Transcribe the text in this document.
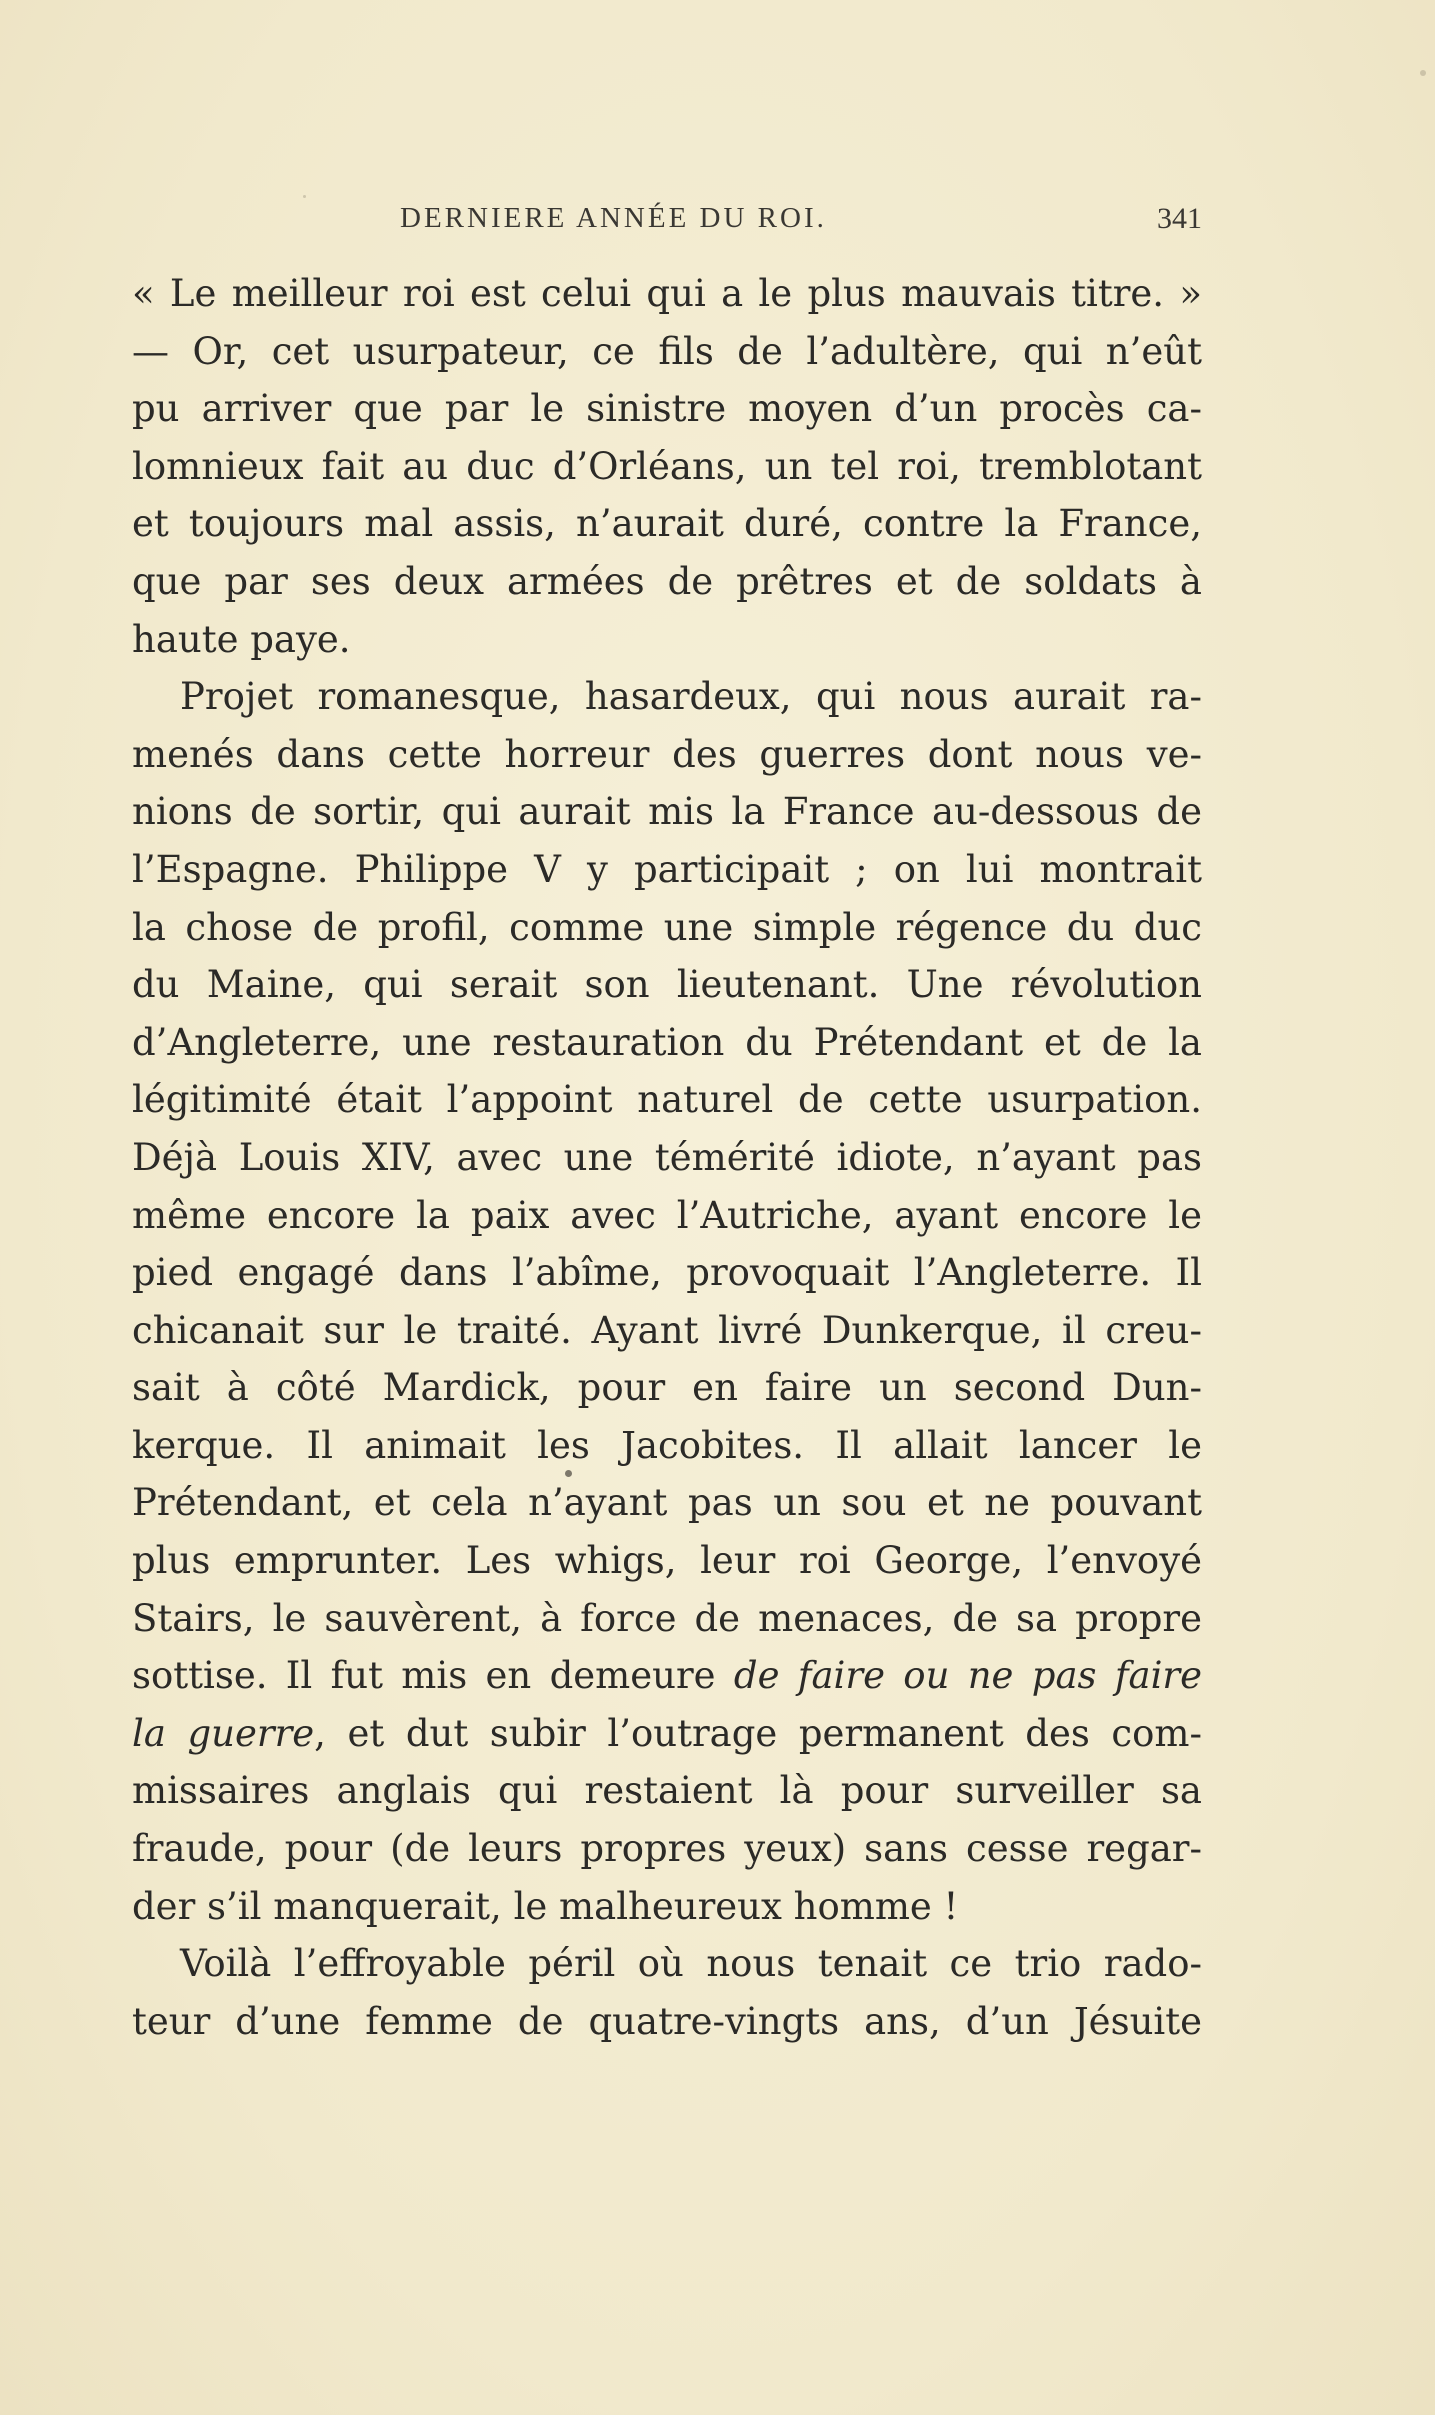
DERNIERE ANNÉE DU ROI.	341
« Le meilleur roi est celui qui a le plus mauvais titre. »
— Or, cet usurpateur, ce fils de l’adultère, qui n’eût
pu arriver que par le sinistre moyen d’un procès ca-
lomnieux fait au duc d’Orléans, un tel roi, tremblotant
et toujours mal assis, n’aurait duré, contre la France,
que par ses deux armées de prêtres et de soldats à
haute paye.
Projet romanesque, hasardeux, qui nous aurait ra-
menés dans cette horreur des guerres dont nous ve-
nions de sortir, qui aurait mis la France au-dessous de
l’Espagne. Philippe V y participait ; on lui montrait
la chose de profil, comme une simple régence du duc
du Maine, qui serait son lieutenant. Une révolution
d’Angleterre, une restauration du Prétendant et de la
légitimité était l’appoint naturel de cette usurpation.
Déjà Louis XIV, avec une témérité idiote, n’ayant pas
même encore la paix avec l’Autriche, ayant encore le
pied engagé dans l’abîme, provoquait l’Angleterre. Il
chicanait sur le traité. Ayant livré Dunkerque, il creu-
sait à côté Mardick, pour en faire un second Dun-
kerque. Il animait les Jacobites. Il allait lancer le
Prétendant, et cela n’ayant pas un sou et ne pouvant
plus emprunter. Les whigs, leur roi George, l’envoyé
Stairs, le sauvèrent, à force de menaces, de sa propre
sottise. Il fut mis en demeure de faire ou ne pas faire
la guerre, et dut subir l’outrage permanent des com-
missaires anglais qui restaient là pour surveiller sa
fraude, pour (de leurs propres yeux) sans cesse regar-
der s’il manquerait, le malheureux homme !
Voilà l’effroyable péril où nous tenait ce trio rado-
teur d’une femme de quatre-vingts ans, d’un Jésuite
